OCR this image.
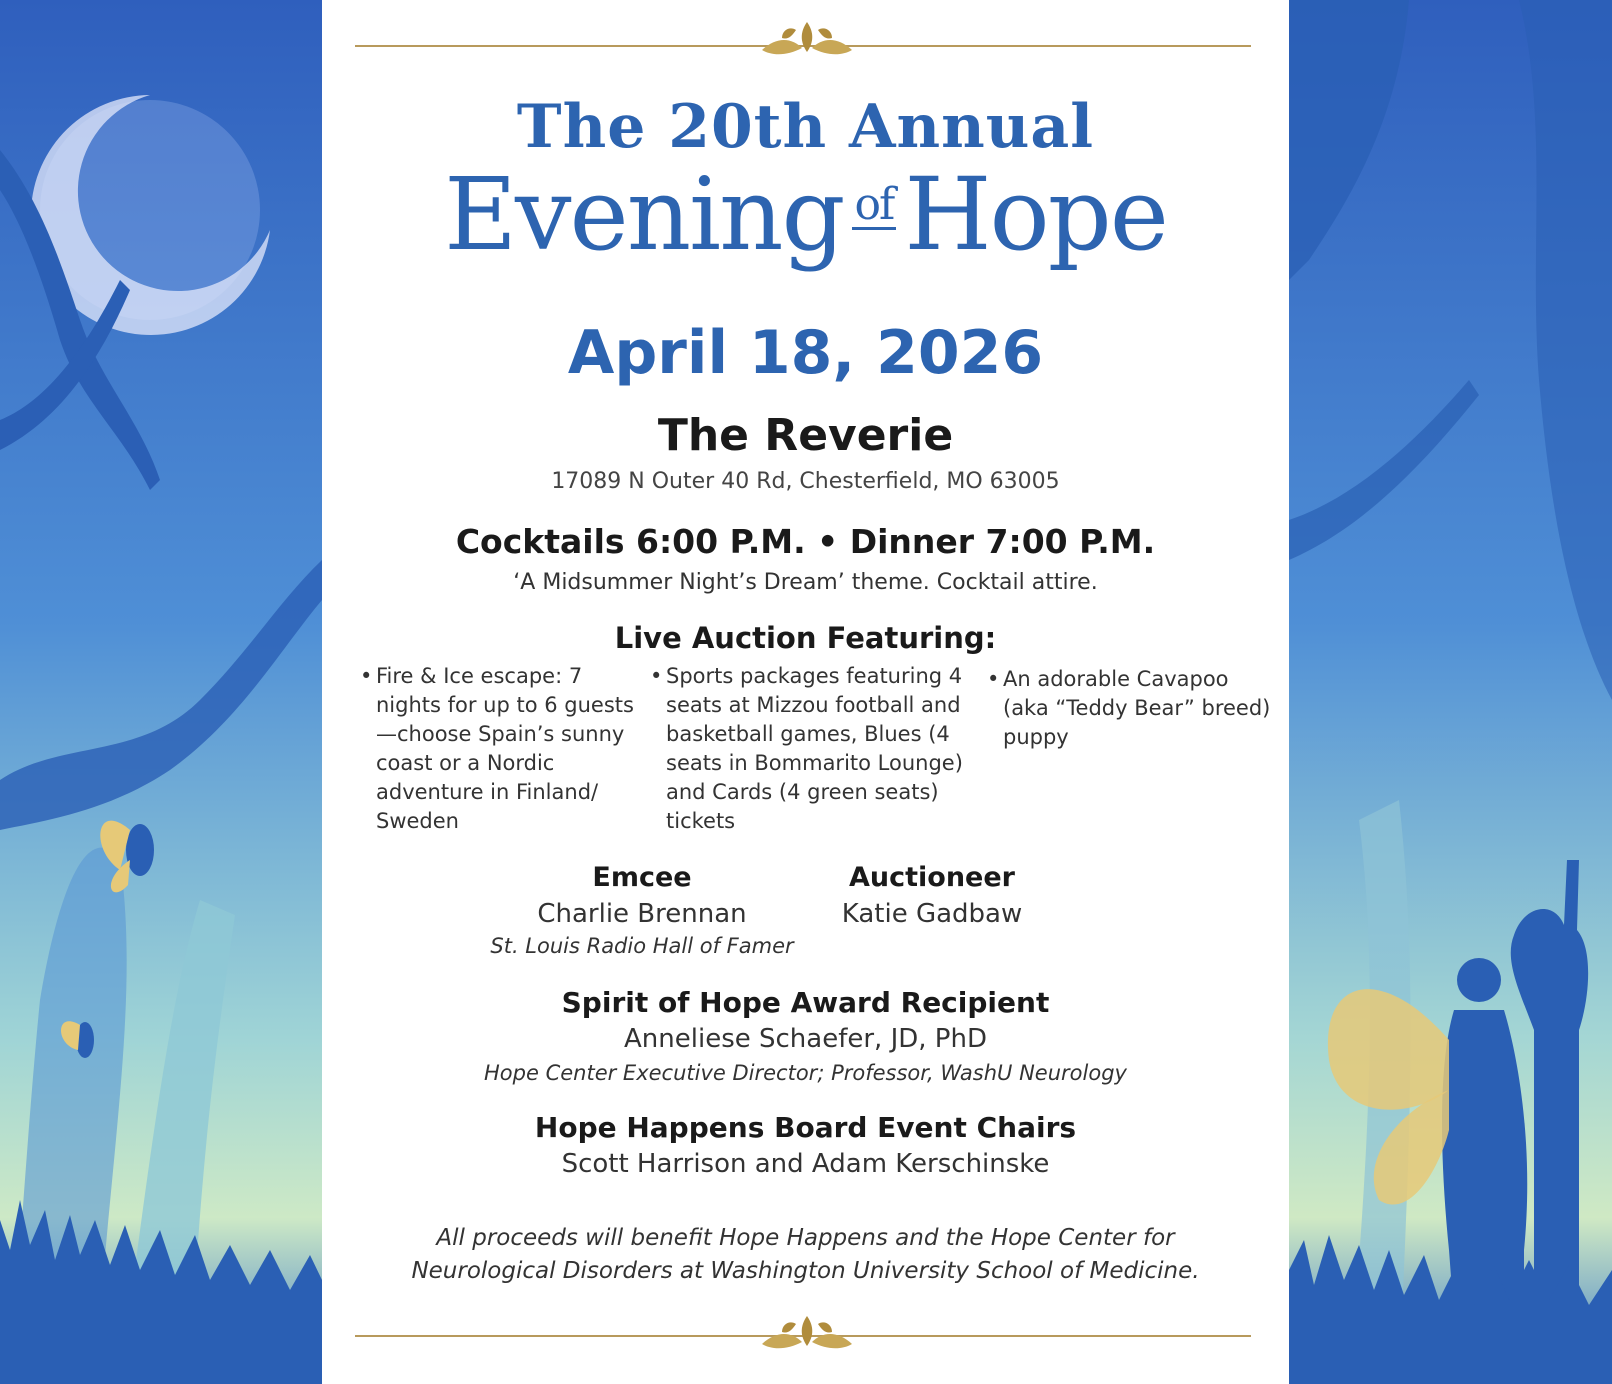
The 20th Annual
Evening of Hope
April 18, 2026
The Reverie
17089 N Outer 40 Rd, Chesterfield, MO 63005
Cocktails 6:00 P.M. • Dinner 7:00 P.M.
‘A Midsummer Night’s Dream’ theme. Cocktail attire.
Live Auction Featuring:
• Fire & Ice escape: 7 nights for up to 6 guests—choose Spain’s sunny coast or a Nordic adventure in Finland/ Sweden
• Sports packages featuring 4 seats at Mizzou football and basketball games, Blues (4 seats in Bommarito Lounge) and Cards (4 green seats) tickets
• An adorable Cavapoo (aka “Teddy Bear” breed) puppy
Emcee
Charlie Brennan
St. Louis Radio Hall of Famer
Auctioneer
Katie Gadbaw
Spirit of Hope Award Recipient
Anneliese Schaefer, JD, PhD
Hope Center Executive Director; Professor, WashU Neurology
Hope Happens Board Event Chairs
Scott Harrison and Adam Kerschinske
All proceeds will benefit Hope Happens and the Hope Center for
Neurological Disorders at Washington University School of Medicine.
